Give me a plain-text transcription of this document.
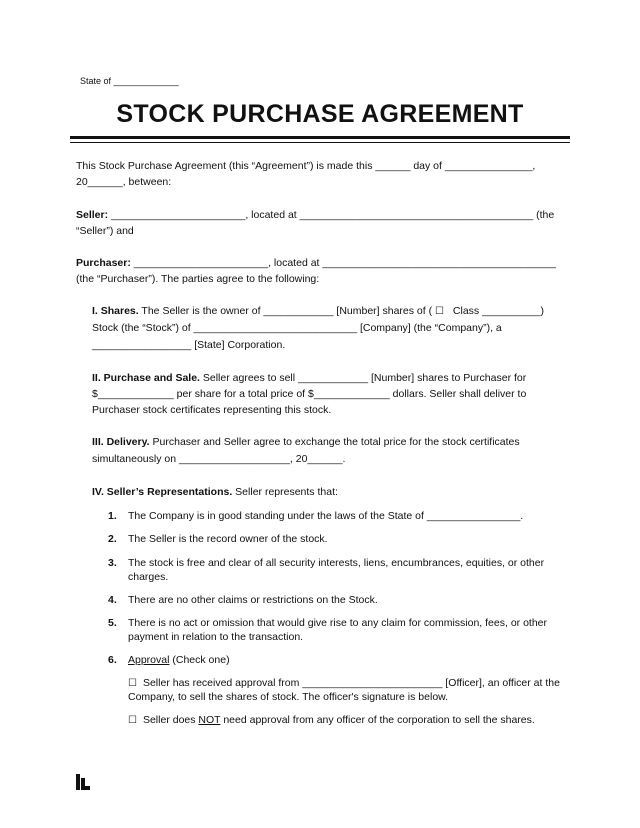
State of _____________
STOCK PURCHASE AGREEMENT

This Stock Purchase Agreement (this “Agreement”) is made this ______ day of _______________,

20______, between:

Seller: _______________________, located at ________________________________________ (the

“Seller”) and

Purchaser: _______________________, located at ________________________________________

(the “Purchaser”). The parties agree to the following:

I. Shares. The Seller is the owner of ____________ [Number] shares of ( ☐ Class __________)

Stock (the “Stock”) of ____________________________ [Company] (the “Company”), a

_________________ [State] Corporation.

II. Purchase and Sale. Seller agrees to sell ____________ [Number] shares to Purchaser for

$_____________ per share for a total price of $_____________ dollars. Seller shall deliver to

Purchaser stock certificates representing this stock.

III. Delivery. Purchaser and Seller agree to exchange the total price for the stock certificates

simultaneously on ___________________, 20______.

IV. Seller’s Representations. Seller represents that:

1. The Company is in good standing under the laws of the State of ________________.

2. The Seller is the record owner of the stock.

3. The stock is free and clear of all security interests, liens, encumbrances, equities, or other

charges.

4. There are no other claims or restrictions on the Stock.

5. There is no act or omission that would give rise to any claim for commission, fees, or other

payment in relation to the transaction.

6. Approval (Check one)

☐ Seller has received approval from ________________________ [Officer], an officer at the

Company, to sell the shares of stock. The officer's signature is below.

☐ Seller does NOT need approval from any officer of the corporation to sell the shares.
